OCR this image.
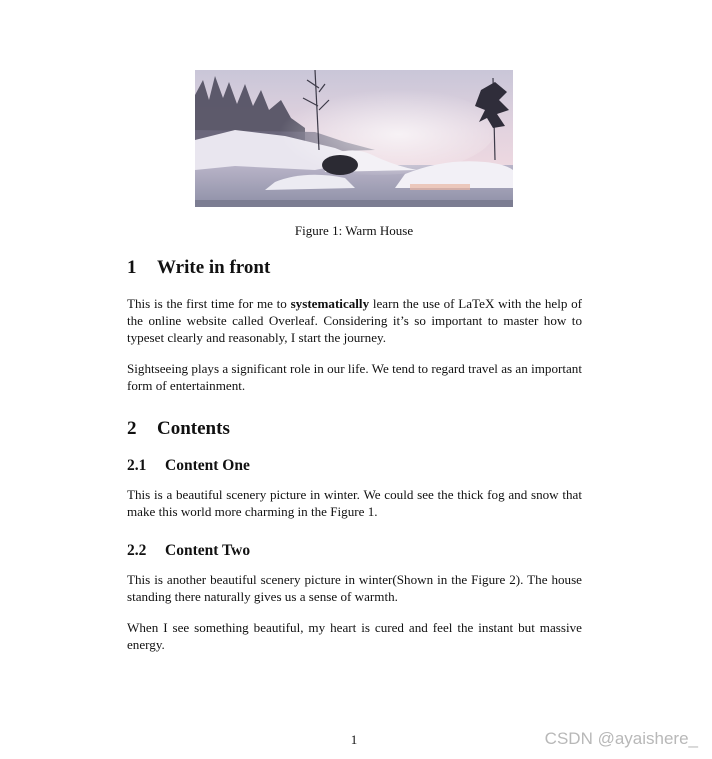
Figure 1: Warm House
1 Write in front
This is the first time for me to systematically learn the use of LaTeX with the help of the online website called Overleaf. Considering it’s so important to master how to typeset clearly and reasonably, I start the journey.
Sightseeing plays a significant role in our life. We tend to regard travel as an important form of entertainment.
2 Contents
2.1 Content One
This is a beautiful scenery picture in winter. We could see the thick fog and snow that make this world more charming in the Figure 1.
2.2 Content Two
This is another beautiful scenery picture in winter(Shown in the Figure 2). The house standing there naturally gives us a sense of warmth.
When I see something beautiful, my heart is cured and feel the instant but massive energy.
1	CSDN @ayaishere_
